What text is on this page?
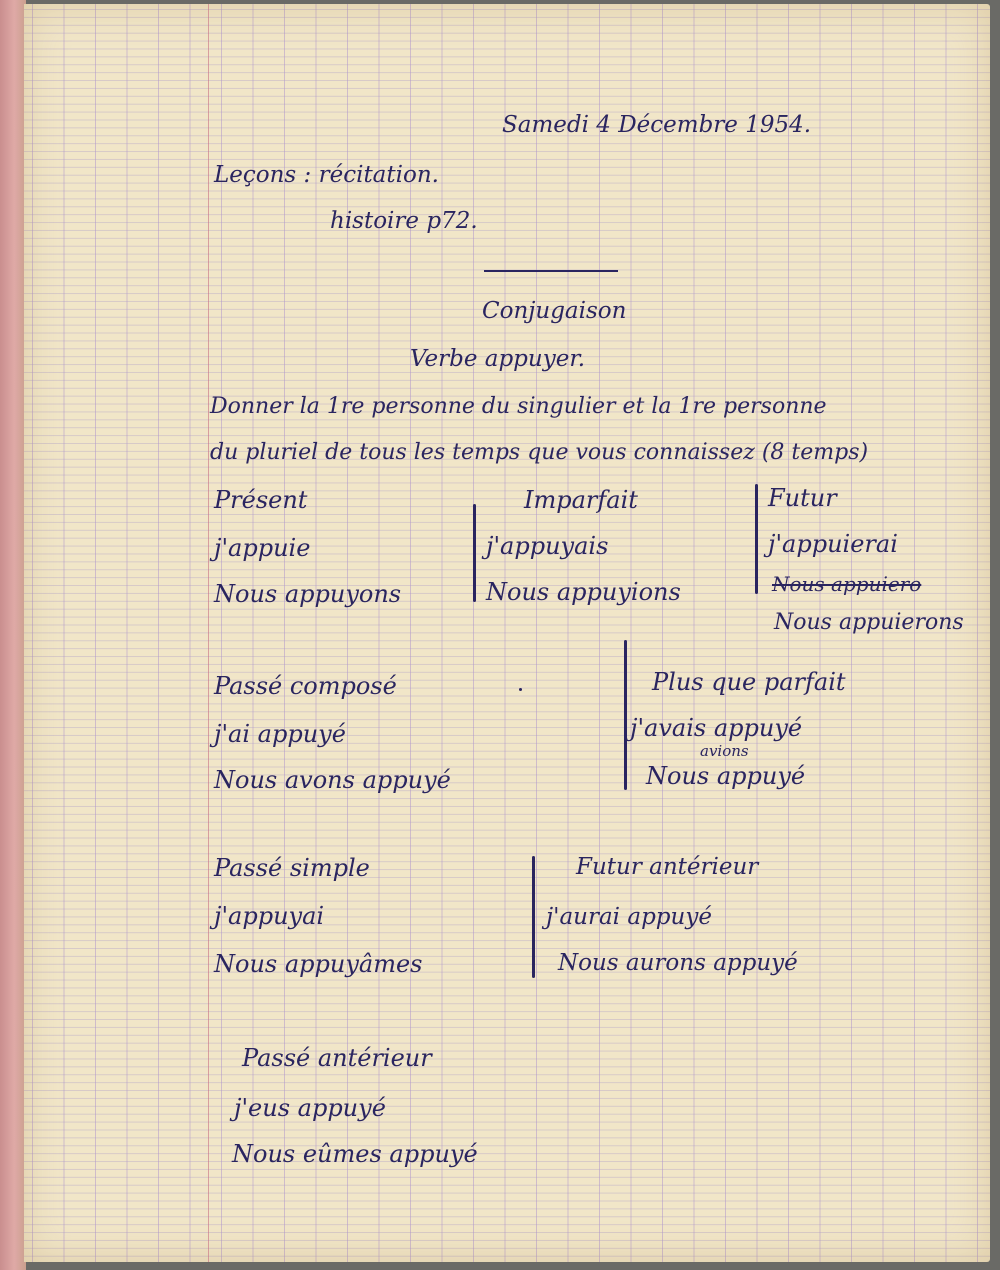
Samedi 4 Décembre 1954.

Leçons : récitation.

histoire p72.

Conjugaison

Verbe appuyer.

Donner la 1re personne du singulier et la 1re personne

du pluriel de tous les temps que vous connaissez (8 temps)

Présent

j'appuie

Nous appuyons

Imparfait

j'appuyais

Nous appuyions

Futur

j'appuierai

Nous appuiero

Nous appuierons

Passé composé

j'ai appuyé

Nous avons appuyé

Plus que parfait

j'avais appuyé

avions

Nous appuyé

Passé simple

j'appuyai

Nous appuyâmes

Futur antérieur

j'aurai appuyé

Nous aurons appuyé

Passé antérieur

j'eus appuyé

Nous eûmes appuyé
